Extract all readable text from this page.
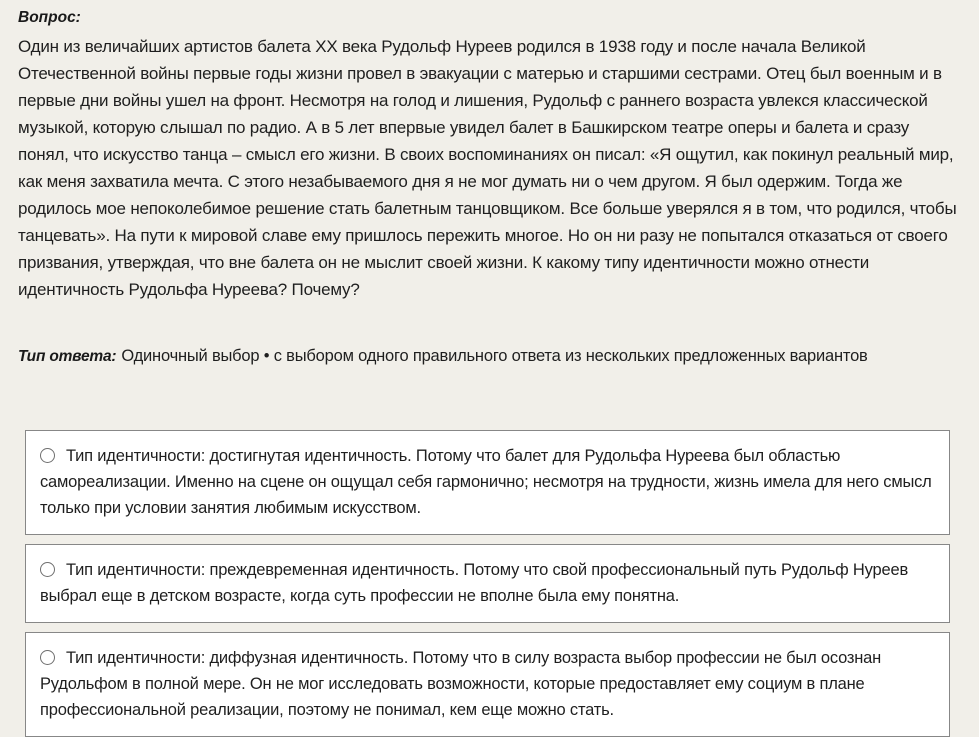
Вопрос:
Один из величайших артистов балета XX века Рудольф Нуреев родился в 1938 году и после начала Великой Отечественной войны первые годы жизни провел в эвакуации с матерью и старшими сестрами. Отец был военным и в первые дни войны ушел на фронт. Несмотря на голод и лишения, Рудольф с раннего возраста увлекся классической музыкой, которую слышал по радио. А в 5 лет впервые увидел балет в Башкирском театре оперы и балета и сразу понял, что искусство танца – смысл его жизни. В своих воспоминаниях он писал: «Я ощутил, как покинул реальный мир, как меня захватила мечта. С этого незабываемого дня я не мог думать ни о чем другом. Я был одержим. Тогда же родилось мое непоколебимое решение стать балетным танцовщиком. Все больше уверялся я в том, что родился, чтобы танцевать». На пути к мировой славе ему пришлось пережить многое. Но он ни разу не попытался отказаться от своего призвания, утверждая, что вне балета он не мыслит своей жизни. К какому типу идентичности можно отнести идентичность Рудольфа Нуреева? Почему?
Тип ответа: Одиночный выбор • с выбором одного правильного ответа из нескольких предложенных вариантов
Тип идентичности: достигнутая идентичность. Потому что балет для Рудольфа Нуреева был областью самореализации. Именно на сцене он ощущал себя гармонично; несмотря на трудности, жизнь имела для него смысл только при условии занятия любимым искусством.
Тип идентичности: преждевременная идентичность. Потому что свой профессиональный путь Рудольф Нуреев выбрал еще в детском возрасте, когда суть профессии не вполне была ему понятна.
Тип идентичности: диффузная идентичность. Потому что в силу возраста выбор профессии не был осознан Рудольфом в полной мере. Он не мог исследовать возможности, которые предоставляет ему социум в плане профессиональной реализации, поэтому не понимал, кем еще можно стать.
